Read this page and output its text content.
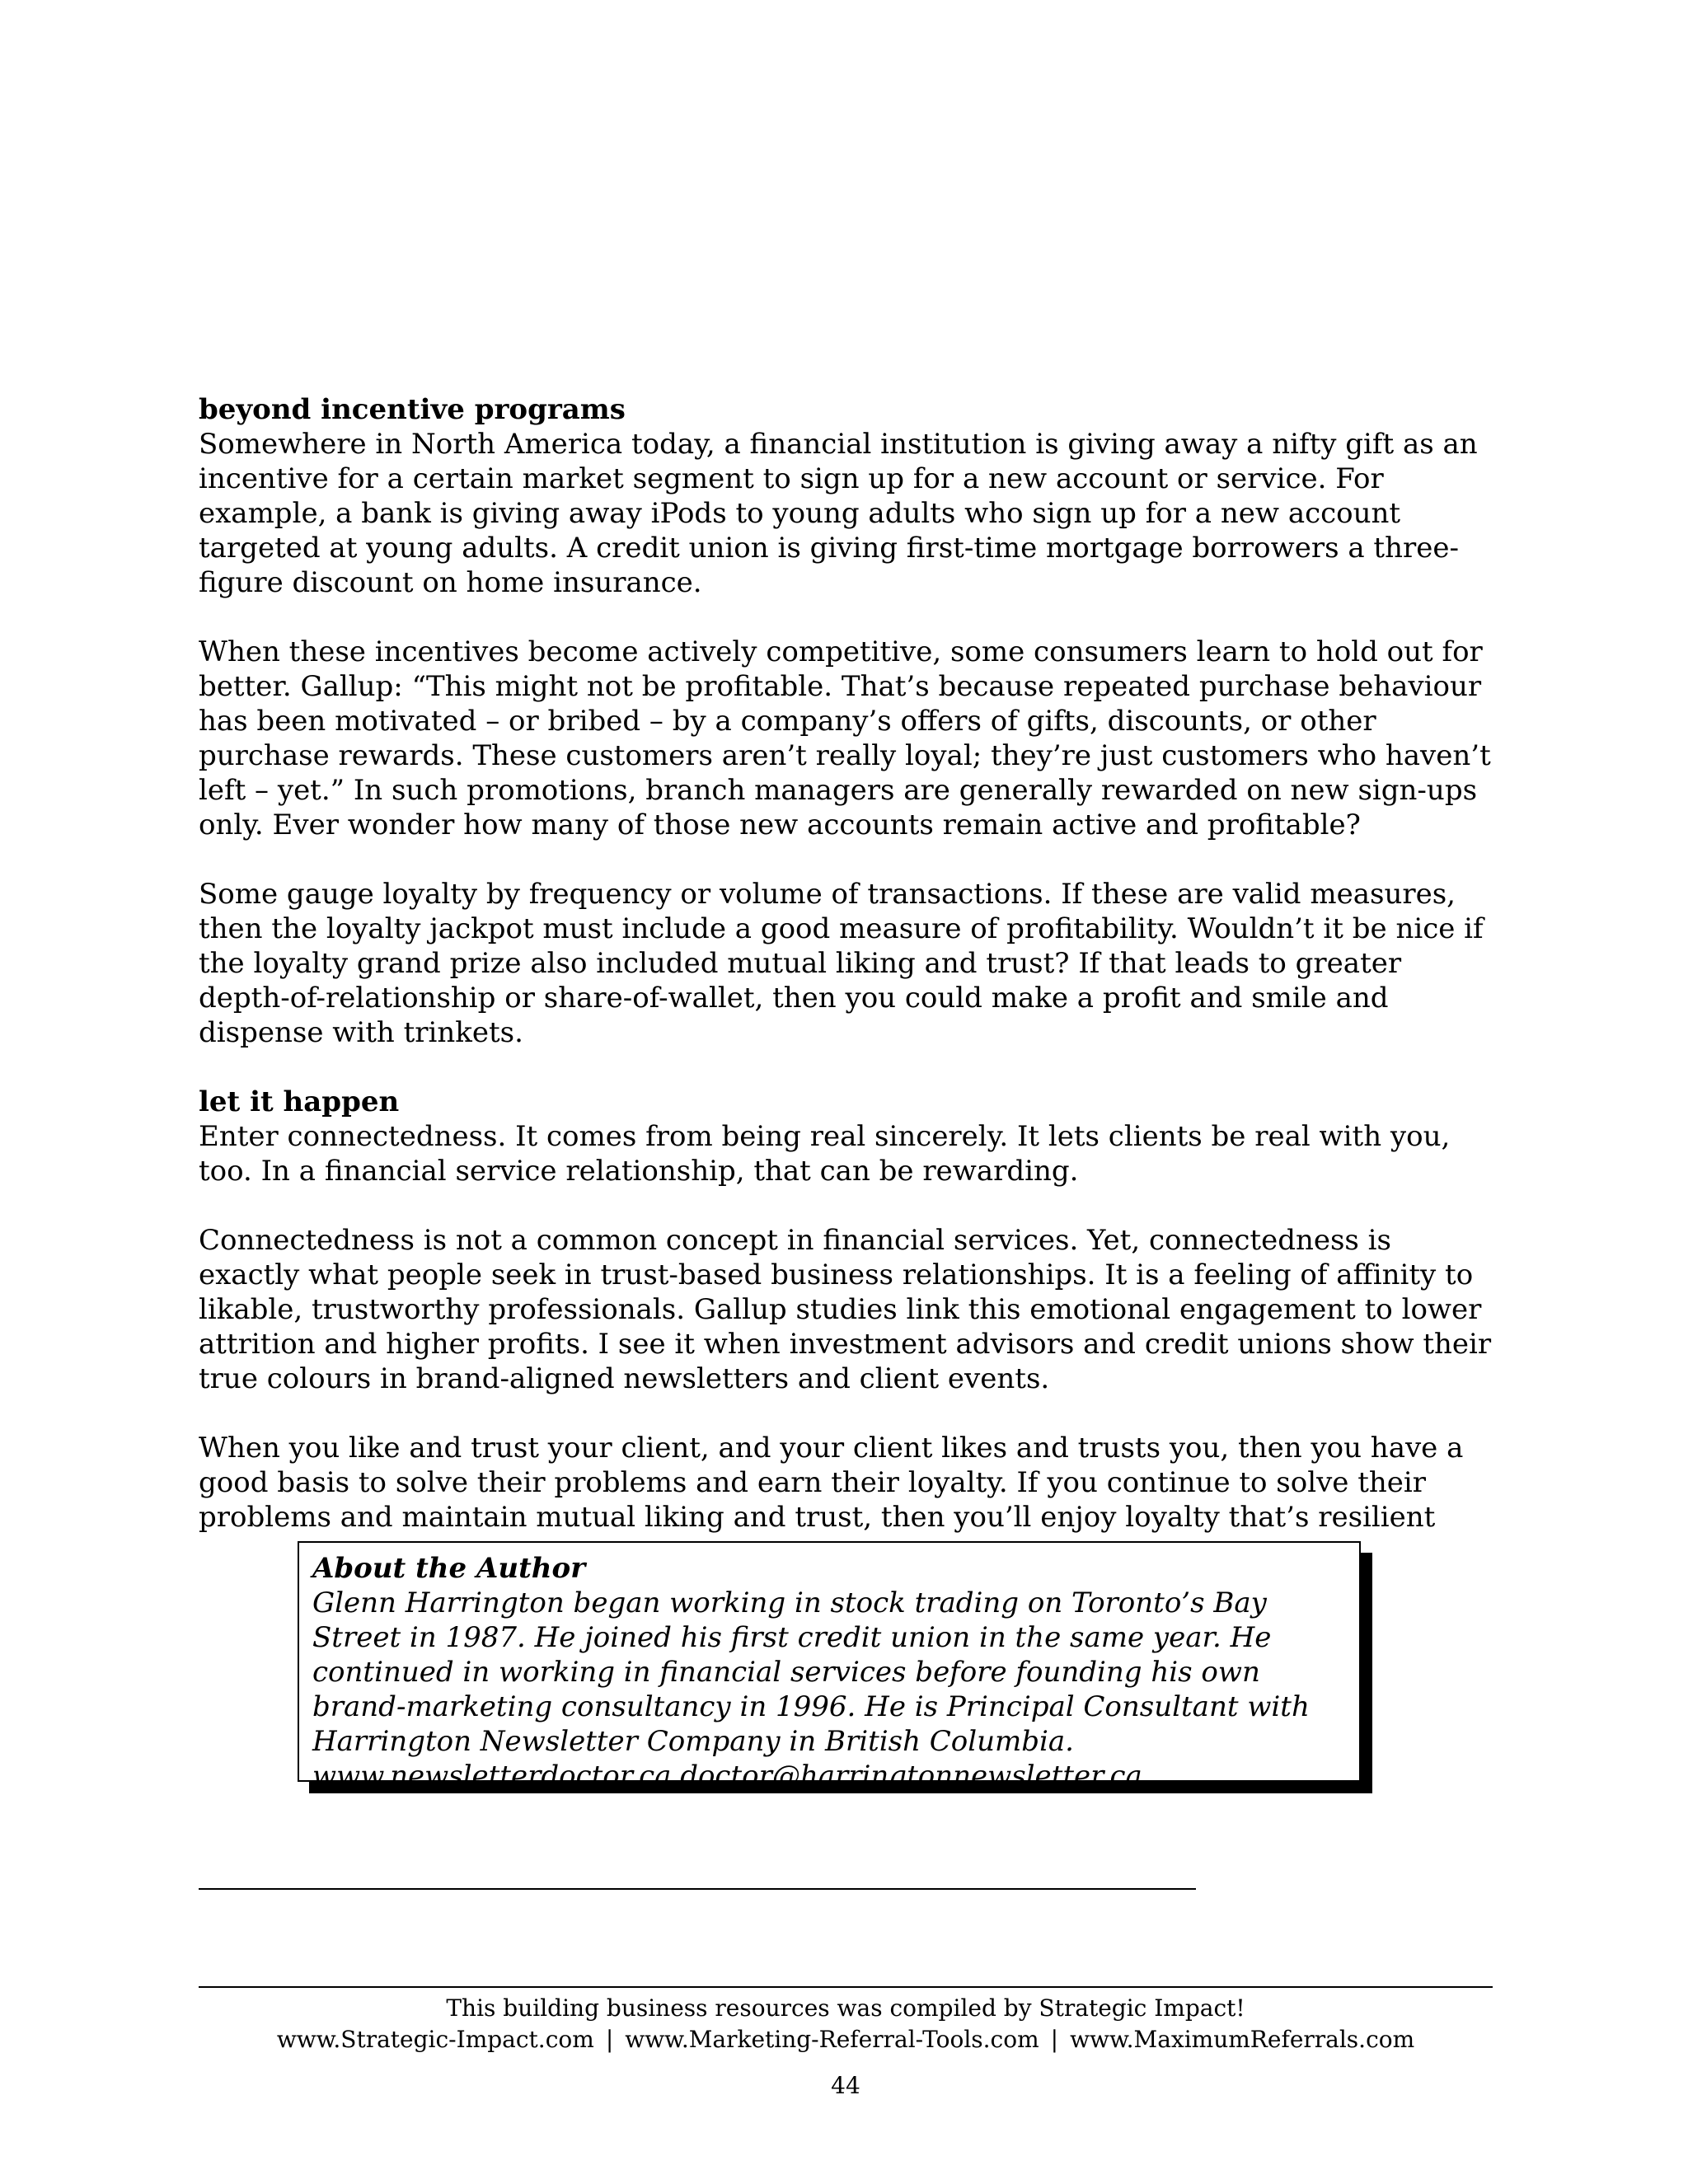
beyond incentive programs

Somewhere in North America today, a financial institution is giving away a nifty gift as an incentive for a certain market segment to sign up for a new account or service. For example, a bank is giving away iPods to young adults who sign up for a new account targeted at young adults. A credit union is giving first-time mortgage borrowers a three-figure discount on home insurance.

When these incentives become actively competitive, some consumers learn to hold out for better. Gallup: “This might not be profitable. That’s because repeated purchase behaviour has been motivated – or bribed – by a company’s offers of gifts, discounts, or other purchase rewards. These customers aren’t really loyal; they’re just customers who haven’t left – yet.” In such promotions, branch managers are generally rewarded on new sign-ups only. Ever wonder how many of those new accounts remain active and profitable?

Some gauge loyalty by frequency or volume of transactions. If these are valid measures, then the loyalty jackpot must include a good measure of profitability. Wouldn’t it be nice if the loyalty grand prize also included mutual liking and trust? If that leads to greater depth-of-relationship or share-of-wallet, then you could make a profit and smile and dispense with trinkets.

let it happen

Enter connectedness. It comes from being real sincerely. It lets clients be real with you, too. In a financial service relationship, that can be rewarding.

Connectedness is not a common concept in financial services. Yet, connectedness is exactly what people seek in trust-based business relationships. It is a feeling of affinity to likable, trustworthy professionals. Gallup studies link this emotional engagement to lower attrition and higher profits. I see it when investment advisors and credit unions show their true colours in brand-aligned newsletters and client events.

When you like and trust your client, and your client likes and trusts you, then you have a good basis to solve their problems and earn their loyalty. If you continue to solve their problems and maintain mutual liking and trust, then you’ll enjoy loyalty that’s resilient

About the Author
Glenn Harrington began working in stock trading on Toronto’s Bay Street in 1987. He joined his first credit union in the same year. He continued in working in financial services before founding his own brand-marketing consultancy in 1996. He is Principal Consultant with Harrington Newsletter Company in British Columbia. www.newsletterdoctor.ca doctor@harringtonnewsletter.ca
This building business resources was compiled by Strategic Impact!
www.Strategic-Impact.com | www.Marketing-Referral-Tools.com | www.MaximumReferrals.com
44
